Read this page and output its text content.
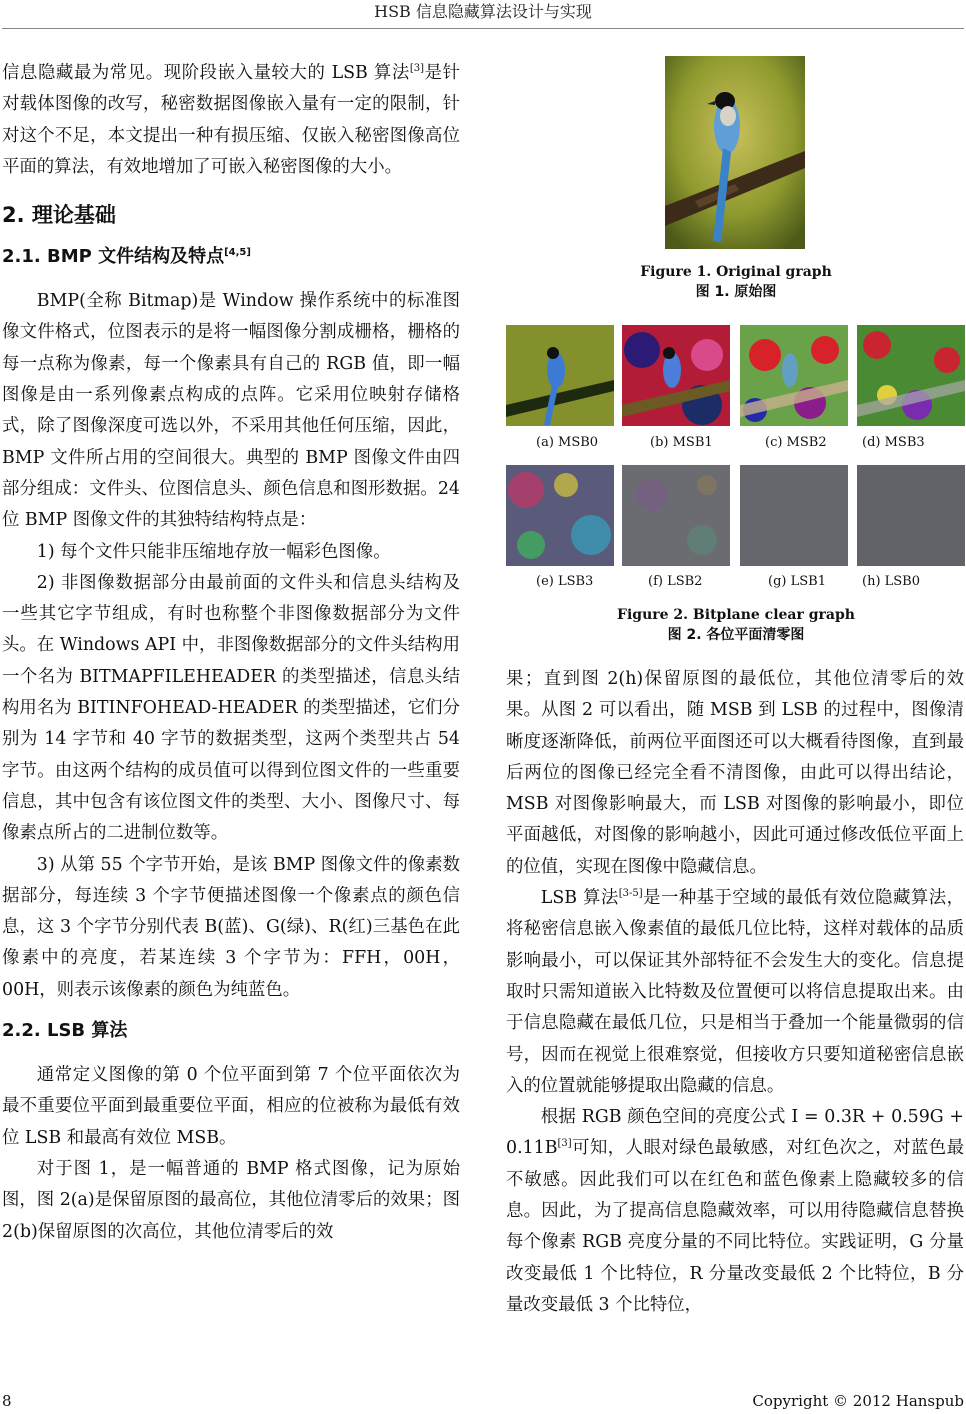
HSB 信息隐藏算法设计与实现

信息隐藏最为常见。现阶段嵌入量较大的 LSB 算法[3]是针对载体图像的改写，秘密数据图像嵌入量有一定的限制，针对这个不足，本文提出一种有损压缩、仅嵌入秘密图像高位平面的算法，有效地增加了可嵌入秘密图像的大小。

2. 理论基础
2.1. BMP 文件结构及特点[4,5]

BMP(全称 Bitmap)是 Window 操作系统中的标准图像文件格式，位图表示的是将一幅图像分割成栅格，栅格的每一点称为像素，每一个像素具有自己的 RGB 值，即一幅图像是由一系列像素点构成的点阵。它采用位映射存储格式，除了图像深度可选以外，不采用其他任何压缩，因此，BMP 文件所占用的空间很大。典型的 BMP 图像文件由四部分组成：文件头、位图信息头、颜色信息和图形数据。24 位 BMP 图像文件的其独特结构特点是：

1) 每个文件只能非压缩地存放一幅彩色图像。

2) 非图像数据部分由最前面的文件头和信息头结构及一些其它字节组成，有时也称整个非图像数据部分为文件头。在 Windows API 中，非图像数据部分的文件头结构用一个名为 BITMAPFILEHEADER 的类型描述，信息头结构用名为 BITINFOHEAD-HEADER 的类型描述，它们分别为 14 字节和 40 字节的数据类型，这两个类型共占 54 字节。由这两个结构的成员值可以得到位图文件的一些重要信息，其中包含有该位图文件的类型、大小、图像尺寸、每像素点所占的二进制位数等。

3) 从第 55 个字节开始，是该 BMP 图像文件的像素数据部分，每连续 3 个字节便描述图像一个像素点的颜色信息，这 3 个字节分别代表 B(蓝)、G(绿)、R(红)三基色在此像素中的亮度，若某连续 3 个字节为：FFH，00H，00H，则表示该像素的颜色为纯蓝色。

2.2. LSB 算法

通常定义图像的第 0 个位平面到第 7 个位平面依次为最不重要位平面到最重要位平面，相应的位被称为最低有效位 LSB 和最高有效位 MSB。

对于图 1，是一幅普通的 BMP 格式图像，记为原始图，图 2(a)是保留原图的最高位，其他位清零后的效果；图 2(b)保留原图的次高位，其他位清零后的效

Figure 1. Original graph
图 1. 原始图
(a) MSB0	(b) MSB1	(c) MSB2	(d) MSB3
(e) LSB3	(f) LSB2	(g) LSB1	(h) LSB0
Figure 2. Bitplane clear graph
图 2. 各位平面清零图

果；直到图 2(h)保留原图的最低位，其他位清零后的效果。从图 2 可以看出，随 MSB 到 LSB 的过程中，图像清晰度逐渐降低，前两位平面图还可以大概看待图像，直到最后两位的图像已经完全看不清图像，由此可以得出结论，MSB 对图像影响最大，而 LSB 对图像的影响最小，即位平面越低，对图像的影响越小，因此可通过修改低位平面上的位值，实现在图像中隐藏信息。

LSB 算法[3-5]是一种基于空域的最低有效位隐藏算法，将秘密信息嵌入像素值的最低几位比特，这样对载体的品质影响最小，可以保证其外部特征不会发生大的变化。信息提取时只需知道嵌入比特数及位置便可以将信息提取出来。由于信息隐藏在最低几位，只是相当于叠加一个能量微弱的信号，因而在视觉上很难察觉，但接收方只要知道秘密信息嵌入的位置就能够提取出隐藏的信息。

根据 RGB 颜色空间的亮度公式 I = 0.3R + 0.59G + 0.11B[3]可知，人眼对绿色最敏感，对红色次之，对蓝色最不敏感。因此我们可以在红色和蓝色像素上隐藏较多的信息。因此，为了提高信息隐藏效率，可以用待隐藏信息替换每个像素 RGB 亮度分量的不同比特位。实践证明，G 分量改变最低 1 个比特位，R 分量改变最低 2 个比特位，B 分量改变最低 3 个比特位，

8	Copyright © 2012 Hanspub
